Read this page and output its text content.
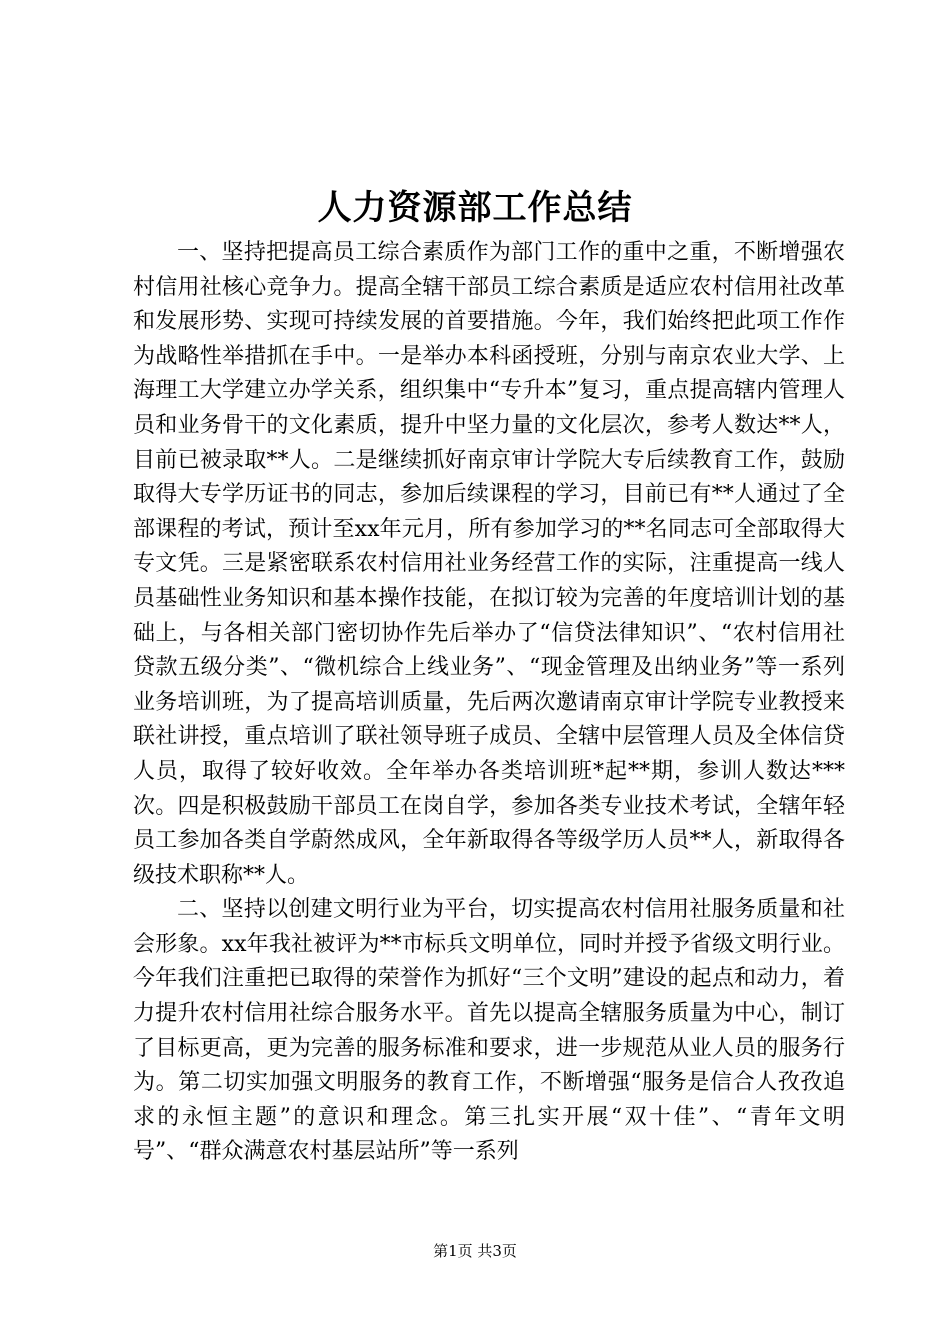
人力资源部工作总结

一、坚持把提高员工综合素质作为部门工作的重中之重，不断增强农村信用社核心竞争力。提高全辖干部员工综合素质是适应农村信用社改革和发展形势、实现可持续发展的首要措施。今年，我们始终把此项工作作为战略性举措抓在手中。一是举办本科函授班，分别与南京农业大学、上海理工大学建立办学关系，组织集中“专升本”复习，重点提高辖内管理人员和业务骨干的文化素质，提升中坚力量的文化层次，参考人数达**人，目前已被录取**人。二是继续抓好南京审计学院大专后续教育工作，鼓励取得大专学历证书的同志，参加后续课程的学习，目前已有**人通过了全部课程的考试，预计至xx年元月，所有参加学习的**名同志可全部取得大专文凭。三是紧密联系农村信用社业务经营工作的实际，注重提高一线人员基础性业务知识和基本操作技能，在拟订较为完善的年度培训计划的基础上，与各相关部门密切协作先后举办了“信贷法律知识”、“农村信用社贷款五级分类”、“微机综合上线业务”、“现金管理及出纳业务”等一系列业务培训班，为了提高培训质量，先后两次邀请南京审计学院专业教授来联社讲授，重点培训了联社领导班子成员、全辖中层管理人员及全体信贷人员，取得了较好收效。全年举办各类培训班*起**期，参训人数达***次。四是积极鼓励干部员工在岗自学，参加各类专业技术考试，全辖年轻员工参加各类自学蔚然成风，全年新取得各等级学历人员**人，新取得各级技术职称**人。

二、坚持以创建文明行业为平台，切实提高农村信用社服务质量和社会形象。xx年我社被评为**市标兵文明单位，同时并授予省级文明行业。今年我们注重把已取得的荣誉作为抓好“三个文明”建设的起点和动力，着力提升农村信用社综合服务水平。首先以提高全辖服务质量为中心，制订了目标更高，更为完善的服务标准和要求，进一步规范从业人员的服务行为。第二切实加强文明服务的教育工作，不断增强“服务是信合人孜孜追求的永恒主题”的意识和理念。第三扎实开展“双十佳”、“青年文明号”、“群众满意农村基层站所”等一系列

第1页 共3页
